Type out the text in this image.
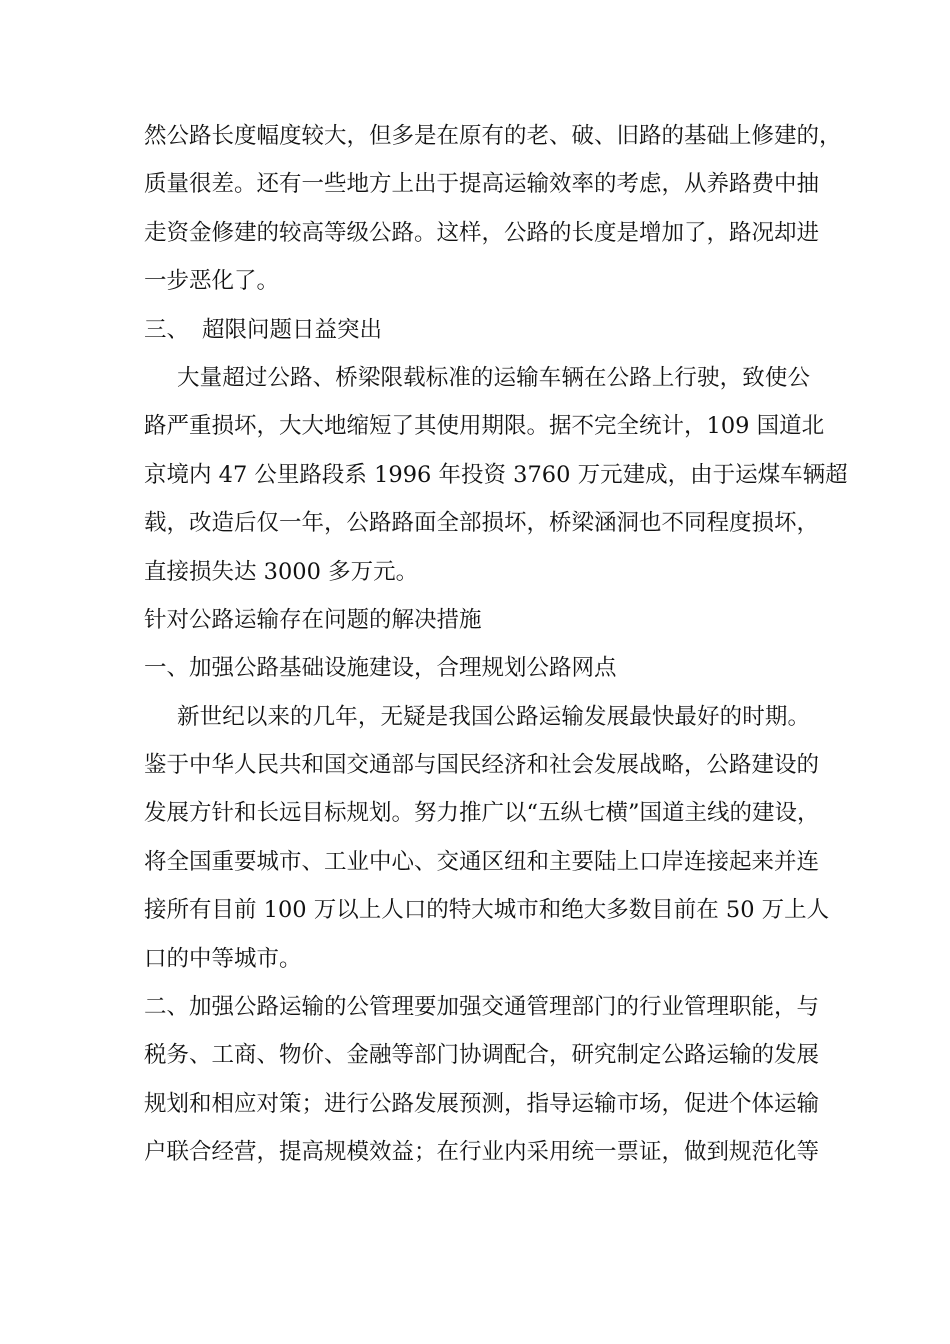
然公路长度幅度较大，但多是在原有的老、破、旧路的基础上修建的，
质量很差。还有一些地方上出于提高运输效率的考虑，从养路费中抽
走资金修建的较高等级公路。这样，公路的长度是增加了，路况却进
一步恶化了。
三、 超限问题日益突出
大量超过公路、桥梁限载标准的运输车辆在公路上行驶，致使公
路严重损坏，大大地缩短了其使用期限。据不完全统计，109 国道北
京境内 47 公里路段系 1996 年投资 3760 万元建成，由于运煤车辆超
载，改造后仅一年，公路路面全部损坏，桥梁涵洞也不同程度损坏，
直接损失达 3000 多万元。
针对公路运输存在问题的解决措施
一、加强公路基础设施建设，合理规划公路网点
新世纪以来的几年，无疑是我国公路运输发展最快最好的时期。
鉴于中华人民共和国交通部与国民经济和社会发展战略，公路建设的
发展方针和长远目标规划。努力推广以“五纵七横”国道主线的建设，
将全国重要城市、工业中心、交通区纽和主要陆上口岸连接起来并连
接所有目前 100 万以上人口的特大城市和绝大多数目前在 50 万上人
口的中等城市。
二、加强公路运输的公管理要加强交通管理部门的行业管理职能，与
税务、工商、物价、金融等部门协调配合，研究制定公路运输的发展
规划和相应对策；进行公路发展预测，指导运输市场，促进个体运输
户联合经营，提高规模效益；在行业内采用统一票证，做到规范化等
